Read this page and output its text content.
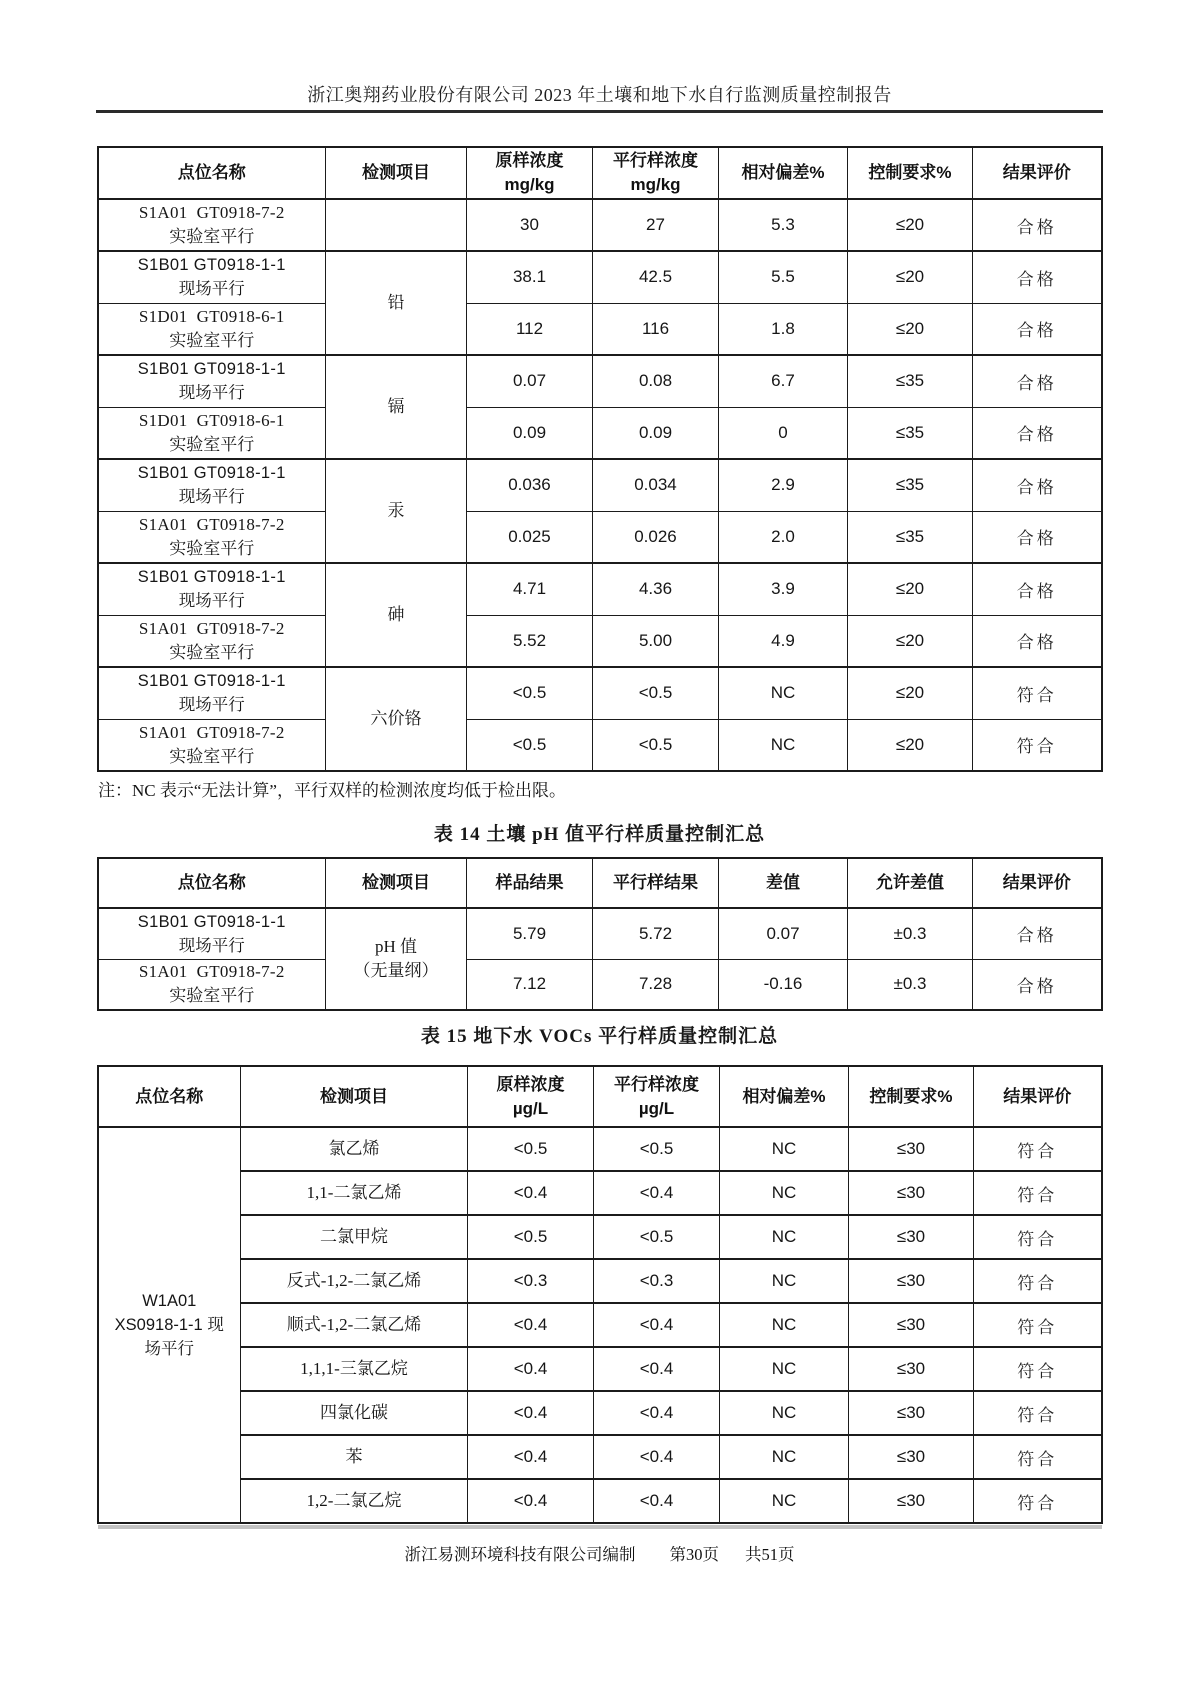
浙江奥翔药业股份有限公司 2023 年土壤和地下水自行监测质量控制报告
点位名称	检测项目

原样浓度
mg/kg

平行样浓度
mg/kg

相对偏差%	控制要求%	结果评价

S1A01  GT0918-7-2
实验室平行		30	27	5.3	≤20	合格

S1B01 GT0918-1-1
现场平行	铅	38.1	42.5	5.5	≤20	合格

S1D01  GT0918-6-1
实验室平行		112	116	1.8	≤20	合格

S1B01 GT0918-1-1
现场平行	镉	0.07	0.08	6.7	≤35	合格

S1D01  GT0918-6-1
实验室平行		0.09	0.09	0	≤35	合格

S1B01 GT0918-1-1
现场平行	汞	0.036	0.034	2.9	≤35	合格

S1A01  GT0918-7-2
实验室平行		0.025	0.026	2.0	≤35	合格

S1B01 GT0918-1-1
现场平行	砷	4.71	4.36	3.9	≤20	合格

S1A01  GT0918-7-2
实验室平行		5.52	5.00	4.9	≤20	合格

S1B01 GT0918-1-1
现场平行	六价铬	<0.5	<0.5	NC	≤20	符合

S1A01  GT0918-7-2
实验室平行		<0.5	<0.5	NC	≤20	符合
注：NC 表示“无法计算”，平行双样的检测浓度均低于检出限。
表 14 土壤 pH 值平行样质量控制汇总
点位名称	检测项目	样品结果	平行样结果	差值	允许差值	结果评价

S1B01 GT0918-1-1
现场平行	pH 值
（无量纲）
	5.79	5.72	0.07	±0.3	合格

S1A01  GT0918-7-2
实验室平行		7.12	7.28	-0.16	±0.3	合格
表 15 地下水 VOCs 平行样质量控制汇总
点位名称	检测项目

原样浓度
µg/L

平行样浓度
µg/L

相对偏差%	控制要求%	结果评价

W1A01
XS0918-1-1 现
场平行	氯乙烯	<0.5	<0.5	NC	≤30	符合
	1,1-二氯乙烯	<0.4	<0.4	NC	≤30	符合
	二氯甲烷	<0.5	<0.5	NC	≤30	符合
	反式-1,2-二氯乙烯	<0.3	<0.3	NC	≤30	符合
	顺式-1,2-二氯乙烯	<0.4	<0.4	NC	≤30	符合
	1,1,1-三氯乙烷	<0.4	<0.4	NC	≤30	符合
	四氯化碳	<0.4	<0.4	NC	≤30	符合
	苯	<0.4	<0.4	NC	≤30	符合
	1,2-二氯乙烷	<0.4	<0.4	NC	≤30	符合
浙江易测环境科技有限公司编制 第30页 共51页
